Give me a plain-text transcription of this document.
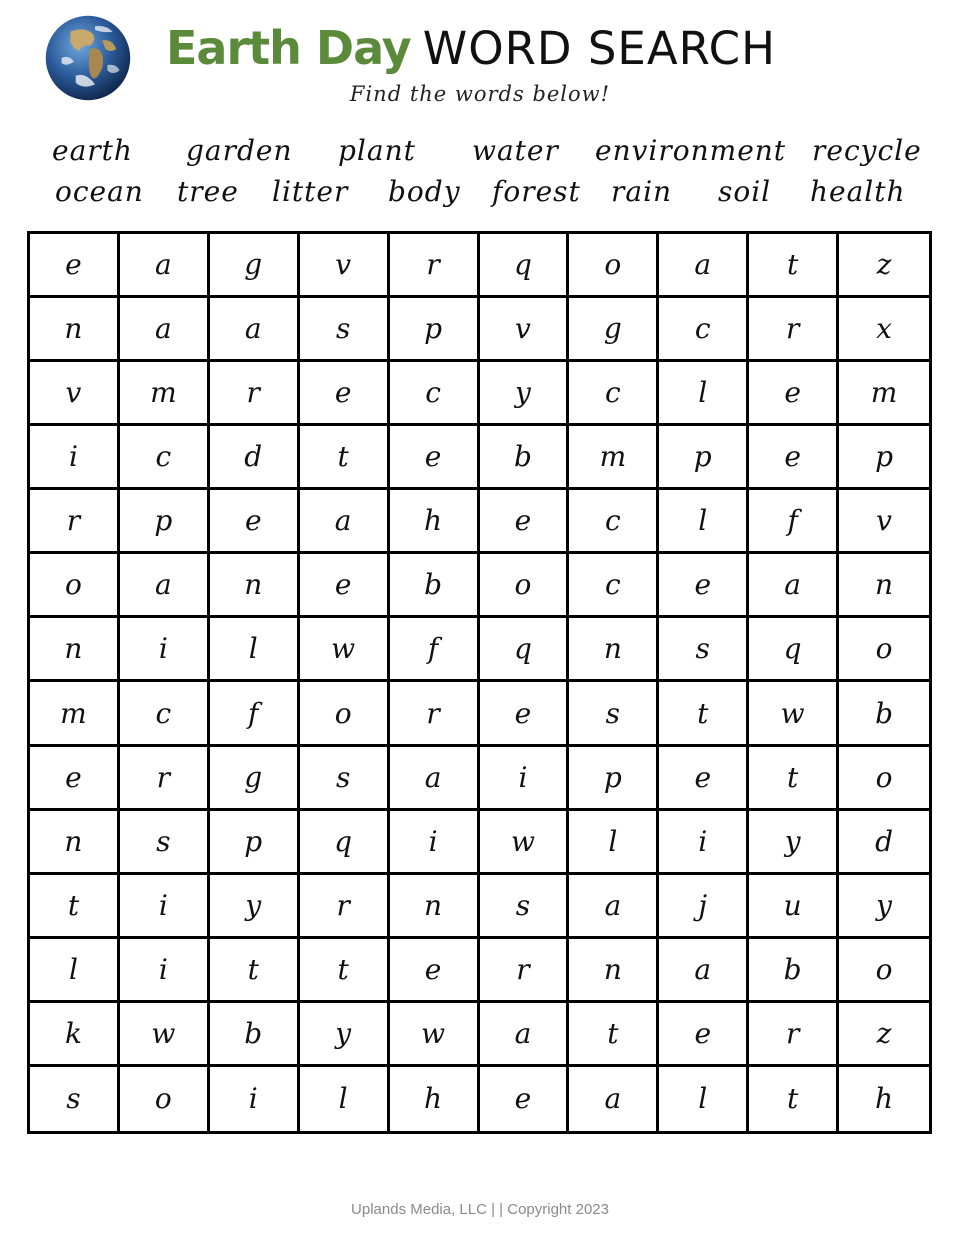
Earth Day WORD SEARCH
Find the words below!
earth garden plant water environment recycle
ocean tree litter body forest rain soil health
e	a	g	v	r	q	o	a	t	z
n	a	a	s	p	v	g	c	r	x
v	m	r	e	c	y	c	l	e	m
i	c	d	t	e	b	m	p	e	p
r	p	e	a	h	e	c	l	f	v
o	a	n	e	b	o	c	e	a	n
n	i	l	w	f	q	n	s	q	o
m	c	f	o	r	e	s	t	w	b
e	r	g	s	a	i	p	e	t	o
n	s	p	q	i	w	l	i	y	d
t	i	y	r	n	s	a	j	u	y
l	i	t	t	e	r	n	a	b	o
k	w	b	y	w	a	t	e	r	z
s	o	i	l	h	e	a	l	t	h
Uplands Media, LLC | | Copyright 2023
